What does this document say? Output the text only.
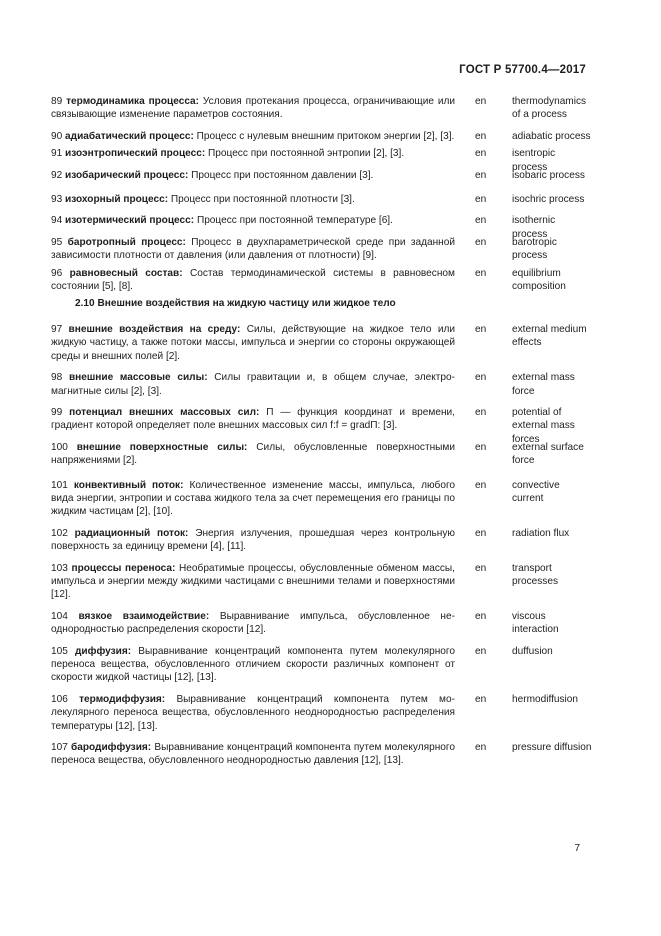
ГОСТ Р 57700.4—2017
89 термодинамика процесса: Условия протекания процесса, ограничивающие или связывающие изменение параметров состояния.
en	thermodynamics of a process
90 адиабатический процесс: Процесс с нулевым внешним притоком энергии [2], [3]. en	adiabatic process
91 изоэнтропический процесс: Процесс при постоянной энтропии [2], [3].	en	isentropic process
92 изобарический процесс: Процесс при постоянном давлении [3].	en	isobaric process
93 изохорный процесс: Процесс при постоянной плотности [3].	en	isochric process
94 изотермический процесс: Процесс при постоянной температуре [6].	en	isothernic process
95 баротропный процесс: Процесс в двухпараметрической среде при заданной зависимости плотности от давления (или давления от плотности) [9].
en	barotropic process
96 равновесный состав: Состав термодинамической системы в равновесном состоянии [5], [8].
en	equilibrium composition
2.10 Внешние воздействия на жидкую частицу или жидкое тело
97 внешние воздействия на среду: Силы, действующие на жидкое тело или жидкую частицу, а также потоки массы, импульса и энергии со стороны окружающей среды и внешних полей [2].
en	external medium effects
98 внешние массовые силы: Силы гравитации и, в общем случае, электромагнитные силы [2], [3].
en	external mass force
99 потенциал внешних массовых сил: П — функция координат и времени, градиент которой определяет поле внешних массовых сил f:f = gradП: [3].
en	potential of external mass forces
100 внешние поверхностные силы: Силы, обусловленные поверхностными напряжениями [2].
en	external surface force
101 конвективный поток: Количественное изменение массы, импульса, любого вида энергии, энтропии и состава жидкого тела за счет перемещения его границы по жидким частицам [2], [10].
en	convective current
102 радиационный поток: Энергия излучения, прошедшая через контрольную поверхность за единицу времени [4], [11].
en	radiation flux
103 процессы переноса: Необратимые процессы, обусловленные обменом массы, импульса и энергии между жидкими частицами с внешними телами и поверхностями [12].
en	transport processes
104 вязкое взаимодействие: Выравнивание импульса, обусловленное неоднородностью распределения скорости [12].
en	viscous interaction
105 диффузия: Выравнивание концентраций компонента путем молекулярного переноса вещества, обусловленного отличием скорости различных компонент от скорости жидкой частицы [12], [13].
en	duffusion
106 термодиффузия: Выравнивание концентраций компонента путем молекулярного переноса вещества, обусловленного неоднородностью распределения температуры [12], [13].
en	hermodiffusion
107 бародиффузия: Выравнивание концентраций компонента путем молекулярного переноса вещества, обусловленного неоднородностью давления [12], [13].
en	pressure diffusion
7
